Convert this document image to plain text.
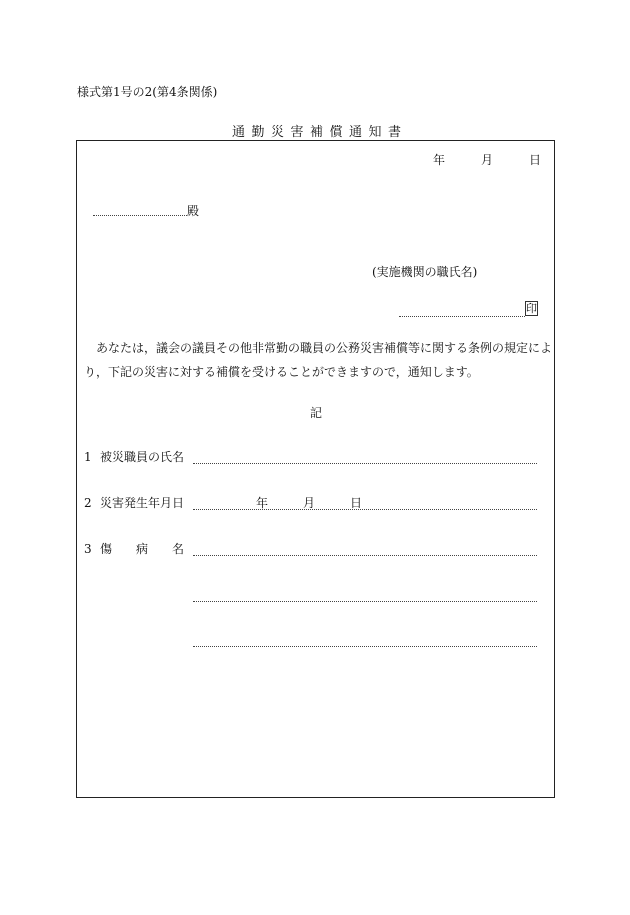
様式第1号の2(第4条関係)
通勤災害補償通知書
年	月	日
殿
(実施機関の職氏名)
印
あなたは，議会の議員その他非常勤の職員の公務災害補償等に関する条例の規定によ
り，下記の災害に対する補償を受けることができますので，通知します。
記
1 被災職員の氏名
2 災害発生年月日	年	月	日
3 傷 病 名
